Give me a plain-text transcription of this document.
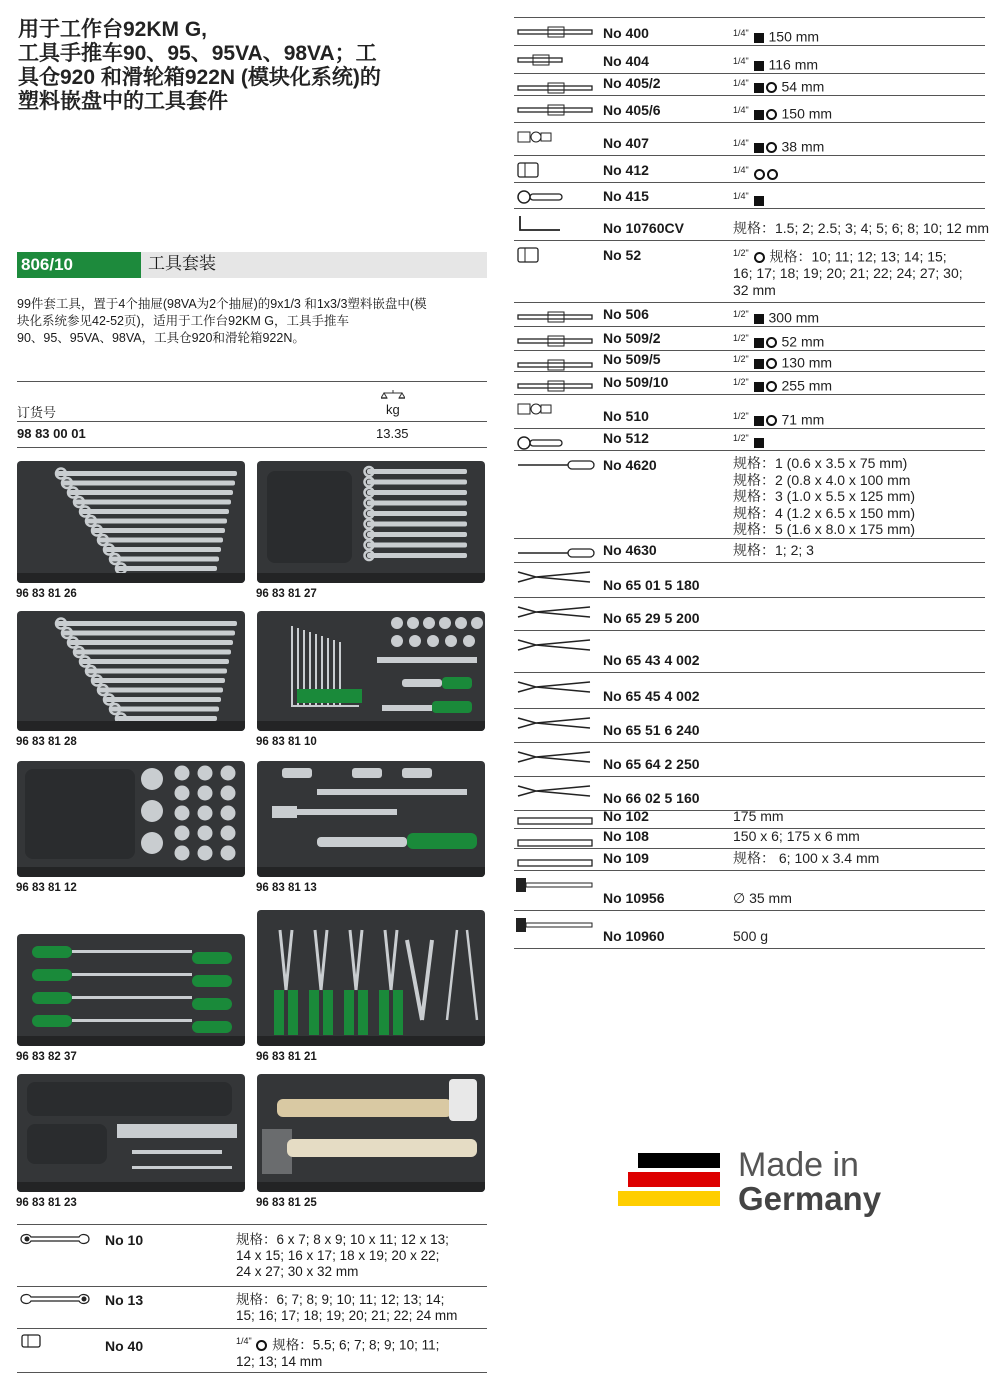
用于工作台92KM G,
工具手推车90、95、95VA、98VA；工
具仓920 和滑轮箱922N (模块化系统)的
塑料嵌盘中的工具套件
806/10	工具套装
99件套工具，置于4个抽屉(98VA为2个抽屉)的9x1/3 和1x3/3塑料嵌盘中(模
块化系统参见42-52页)，适用于工作台92KM G，工具手推车
90、95、95VA、98VA，工具仓920和滑轮箱922N。
kg
订货号
98 83 00 01	13.35
96 83 81 26	96 83 81 27
96 83 81 28	96 83 81 10
96 83 81 12	96 83 81 13
96 83 82 37	96 83 81 21
96 83 81 23	96 83 81 25
No 10	规格：6 x 7; 8 x 9; 10 x 11; 12 x 13;
14 x 15; 16 x 17; 18 x 19; 20 x 22;
24 x 27; 30 x 32 mm
No 13	规格：6; 7; 8; 9; 10; 11; 12; 13; 14;
15; 16; 17; 18; 19; 20; 21; 22; 24 mm
No 40	$^{1/4"}$ 规格：5.5; 6; 7; 8; 9; 10; 11;
12; 13; 14 mm
No 400	$^{1/4"}$ 150 mm
No 404	$^{1/4"}$ 116 mm
No 405/2	$^{1/4"}$ 54 mm
No 405/6	$^{1/4"}$ 150 mm
No 407	$^{1/4"}$ 38 mm
No 412	$^{1/4"}$
No 415	$^{1/4"}$
No 10760CV	规格：1.5; 2; 2.5; 3; 4; 5; 6; 8; 10; 12 mm
No 52	$^{1/2"}$ 规格：10; 11; 12; 13; 14; 15;
16; 17; 18; 19; 20; 21; 22; 24; 27; 30;
32 mm
No 506	$^{1/2"}$ 300 mm
No 509/2	$^{1/2"}$ 52 mm
No 509/5	$^{1/2"}$ 130 mm
No 509/10	$^{1/2"}$ 255 mm
No 510	$^{1/2"}$ 71 mm
No 512	$^{1/2"}$
No 4620	规格：1 (0.6 x 3.5 x 75 mm)
规格：2 (0.8 x 4.0 x 100 mm
规格：3 (1.0 x 5.5 x 125 mm)
规格：4 (1.2 x 6.5 x 150 mm)
规格：5 (1.6 x 8.0 x 175 mm)
No 4630	规格：1; 2; 3
No 65 01 5 180
No 65 29 5 200
No 65 43 4 002
No 65 45 4 002
No 65 51 6 240
No 65 64 2 250
No 66 02 5 160
No 102	175 mm
No 108	150 x 6; 175 x 6 mm
No 109	规格： 6; 100 x 3.4 mm
No 10956	∅ 35 mm
No 10960	500 g
Made in
Germany
